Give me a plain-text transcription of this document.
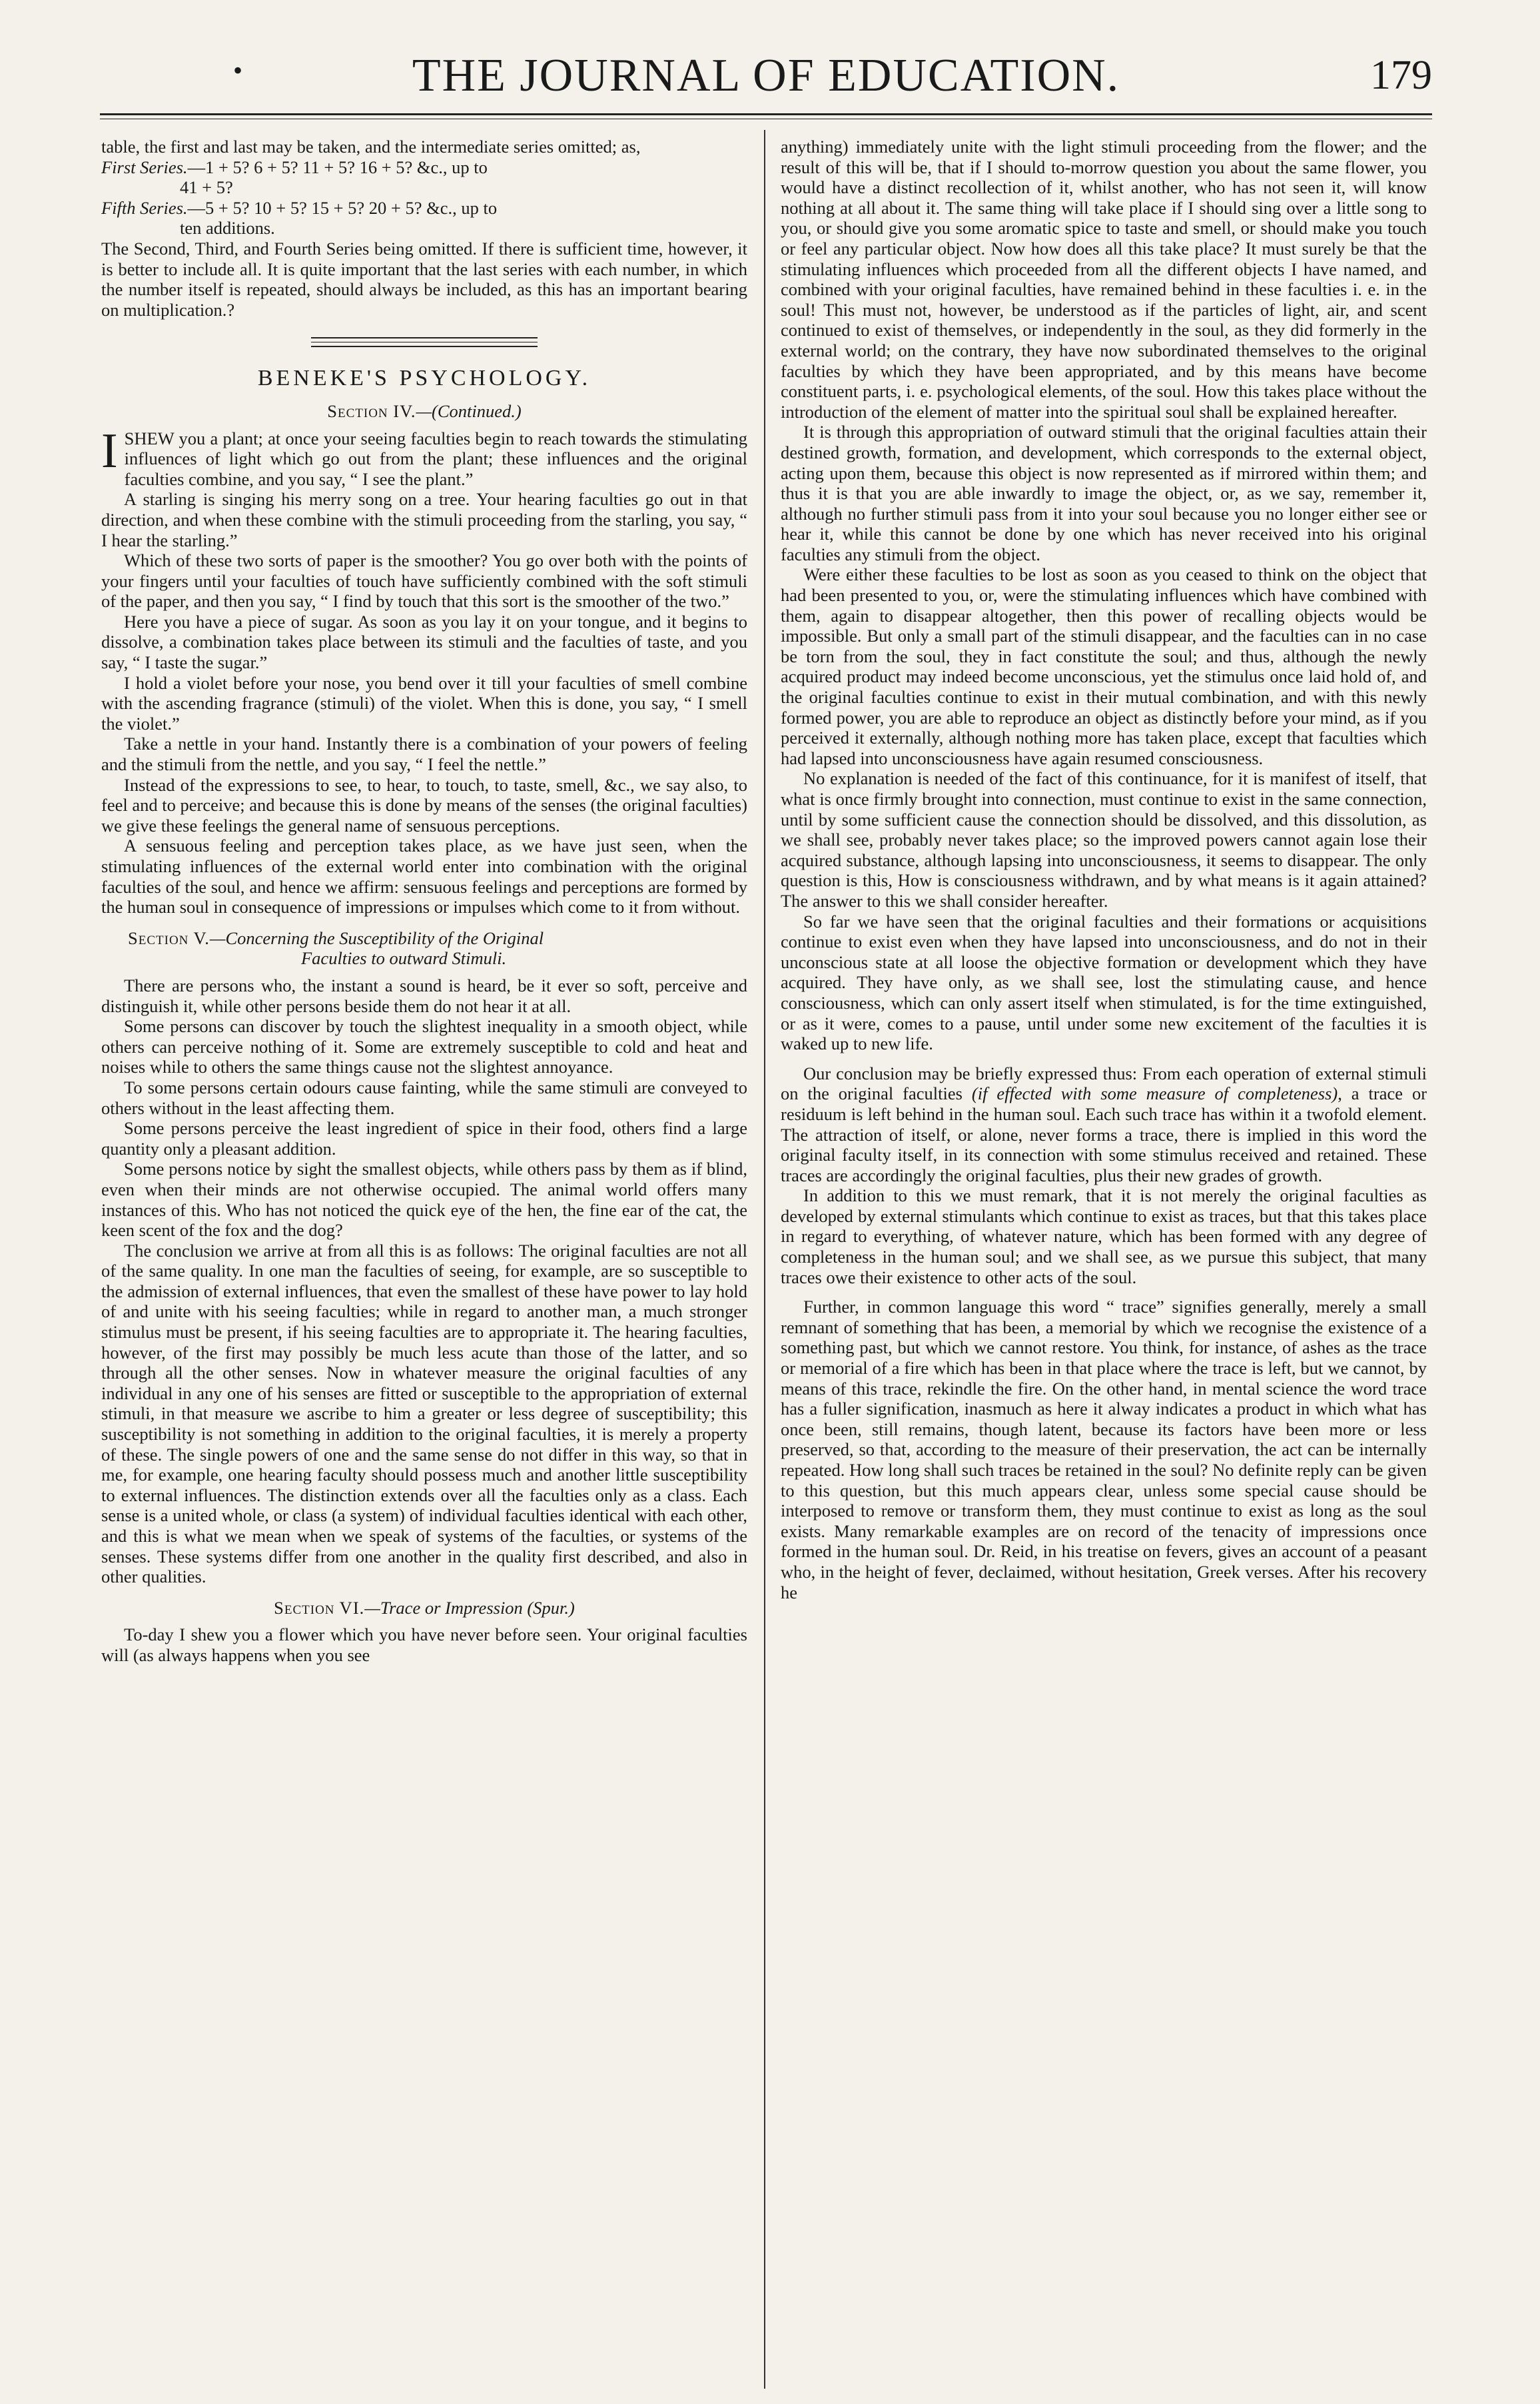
•	THE JOURNAL OF EDUCATION.	179

table, the first and last may be taken, and the intermediate series omitted; as,

First Series.—1 + 5? 6 + 5? 11 + 5? 16 + 5? &c., up to
41 + 5?
Fifth Series.—5 + 5? 10 + 5? 15 + 5? 20 + 5? &c., up to
ten additions.

The Second, Third, and Fourth Series being omitted. If there is sufficient time, however, it is better to include all. It is quite important that the last series with each number, in which the number itself is repeated, should always be included, as this has an important bearing on multiplication.?

BENEKE'S PSYCHOLOGY.
Section IV.—(Continued.)

ISHEW you a plant; at once your seeing faculties begin to reach towards the stimulating influences of light which go out from the plant; these influences and the original faculties combine, and you say, “ I see the plant.”

A starling is singing his merry song on a tree. Your hearing faculties go out in that direction, and when these combine with the stimuli proceeding from the starling, you say, “ I hear the starling.”

Which of these two sorts of paper is the smoother? You go over both with the points of your fingers until your faculties of touch have sufficiently combined with the soft stimuli of the paper, and then you say, “ I find by touch that this sort is the smoother of the two.”

Here you have a piece of sugar. As soon as you lay it on your tongue, and it begins to dissolve, a combination takes place between its stimuli and the faculties of taste, and you say, “ I taste the sugar.”

I hold a violet before your nose, you bend over it till your faculties of smell combine with the ascending fragrance (stimuli) of the violet. When this is done, you say, “ I smell the violet.”

Take a nettle in your hand. Instantly there is a combination of your powers of feeling and the stimuli from the nettle, and you say, “ I feel the nettle.”

Instead of the expressions to see, to hear, to touch, to taste, smell, &c., we say also, to feel and to perceive; and because this is done by means of the senses (the original faculties) we give these feelings the general name of sensuous perceptions.

A sensuous feeling and perception takes place, as we have just seen, when the stimulating influences of the external world enter into combination with the original faculties of the soul, and hence we affirm: sensuous feelings and perceptions are formed by the human soul in consequence of impressions or impulses which come to it from without.

Section V.—Concerning the Susceptibility of the Original
Faculties to outward Stimuli.

There are persons who, the instant a sound is heard, be it ever so soft, perceive and distinguish it, while other persons beside them do not hear it at all.

Some persons can discover by touch the slightest inequality in a smooth object, while others can perceive nothing of it. Some are extremely susceptible to cold and heat and noises while to others the same things cause not the slightest annoyance.

To some persons certain odours cause fainting, while the same stimuli are conveyed to others without in the least affecting them.

Some persons perceive the least ingredient of spice in their food, others find a large quantity only a pleasant addition.

Some persons notice by sight the smallest objects, while others pass by them as if blind, even when their minds are not otherwise occupied. The animal world offers many instances of this. Who has not noticed the quick eye of the hen, the fine ear of the cat, the keen scent of the fox and the dog?

The conclusion we arrive at from all this is as follows: The original faculties are not all of the same quality. In one man the faculties of seeing, for example, are so susceptible to the admission of external influences, that even the smallest of these have power to lay hold of and unite with his seeing faculties; while in regard to another man, a much stronger stimulus must be present, if his seeing faculties are to appropriate it. The hearing faculties, however, of the first may possibly be much less acute than those of the latter, and so through all the other senses. Now in whatever measure the original faculties of any individual in any one of his senses are fitted or susceptible to the appropriation of external stimuli, in that measure we ascribe to him a greater or less degree of susceptibility; this susceptibility is not something in addition to the original faculties, it is merely a property of these. The single powers of one and the same sense do not differ in this way, so that in me, for example, one hearing faculty should possess much and another little susceptibility to external influences. The distinction extends over all the faculties only as a class. Each sense is a united whole, or class (a system) of individual faculties identical with each other, and this is what we mean when we speak of systems of the faculties, or systems of the senses. These systems differ from one another in the quality first described, and also in other qualities.

Section VI.—Trace or Impression (Spur.)

To-day I shew you a flower which you have never before seen. Your original faculties will (as always happens when you see

anything) immediately unite with the light stimuli proceeding from the flower; and the result of this will be, that if I should to-morrow question you about the same flower, you would have a distinct recollection of it, whilst another, who has not seen it, will know nothing at all about it. The same thing will take place if I should sing over a little song to you, or should give you some aromatic spice to taste and smell, or should make you touch or feel any particular object. Now how does all this take place? It must surely be that the stimulating influences which proceeded from all the different objects I have named, and combined with your original faculties, have remained behind in these faculties i. e. in the soul! This must not, however, be understood as if the particles of light, air, and scent continued to exist of themselves, or independently in the soul, as they did formerly in the external world; on the contrary, they have now subordinated themselves to the original faculties by which they have been appropriated, and by this means have become constituent parts, i. e. psychological elements, of the soul. How this takes place without the introduction of the element of matter into the spiritual soul shall be explained hereafter.

It is through this appropriation of outward stimuli that the original faculties attain their destined growth, formation, and development, which corresponds to the external object, acting upon them, because this object is now represented as if mirrored within them; and thus it is that you are able inwardly to image the object, or, as we say, remember it, although no further stimuli pass from it into your soul because you no longer either see or hear it, while this cannot be done by one which has never received into his original faculties any stimuli from the object.

Were either these faculties to be lost as soon as you ceased to think on the object that had been presented to you, or, were the stimulating influences which have combined with them, again to disappear altogether, then this power of recalling objects would be impossible. But only a small part of the stimuli disappear, and the faculties can in no case be torn from the soul, they in fact constitute the soul; and thus, although the newly acquired product may indeed become unconscious, yet the stimulus once laid hold of, and the original faculties continue to exist in their mutual combination, and with this newly formed power, you are able to reproduce an object as distinctly before your mind, as if you perceived it externally, although nothing more has taken place, except that faculties which had lapsed into unconsciousness have again resumed consciousness.

No explanation is needed of the fact of this continuance, for it is manifest of itself, that what is once firmly brought into connection, must continue to exist in the same connection, until by some sufficient cause the connection should be dissolved, and this dissolution, as we shall see, probably never takes place; so the improved powers cannot again lose their acquired substance, although lapsing into unconsciousness, it seems to disappear. The only question is this, How is consciousness withdrawn, and by what means is it again attained? The answer to this we shall consider hereafter.

So far we have seen that the original faculties and their formations or acquisitions continue to exist even when they have lapsed into unconsciousness, and do not in their unconscious state at all loose the objective formation or development which they have acquired. They have only, as we shall see, lost the stimulating cause, and hence consciousness, which can only assert itself when stimulated, is for the time extinguished, or as it were, comes to a pause, until under some new excitement of the faculties it is waked up to new life.

Our conclusion may be briefly expressed thus: From each operation of external stimuli on the original faculties (if effected with some measure of completeness), a trace or residuum is left behind in the human soul. Each such trace has within it a twofold element. The attraction of itself, or alone, never forms a trace, there is implied in this word the original faculty itself, in its connection with some stimulus received and retained. These traces are accordingly the original faculties, plus their new grades of growth.

In addition to this we must remark, that it is not merely the original faculties as developed by external stimulants which continue to exist as traces, but that this takes place in regard to everything, of whatever nature, which has been formed with any degree of completeness in the human soul; and we shall see, as we pursue this subject, that many traces owe their existence to other acts of the soul.

Further, in common language this word “ trace” signifies generally, merely a small remnant of something that has been, a memorial by which we recognise the existence of a something past, but which we cannot restore. You think, for instance, of ashes as the trace or memorial of a fire which has been in that place where the trace is left, but we cannot, by means of this trace, rekindle the fire. On the other hand, in mental science the word trace has a fuller signification, inasmuch as here it alway indicates a product in which what has once been, still remains, though latent, because its factors have been more or less preserved, so that, according to the measure of their preservation, the act can be internally repeated. How long shall such traces be retained in the soul? No definite reply can be given to this question, but this much appears clear, unless some special cause should be interposed to remove or transform them, they must continue to exist as long as the soul exists. Many remarkable examples are on record of the tenacity of impressions once formed in the human soul. Dr. Reid, in his treatise on fevers, gives an account of a peasant who, in the height of fever, declaimed, without hesitation, Greek verses. After his recovery he
